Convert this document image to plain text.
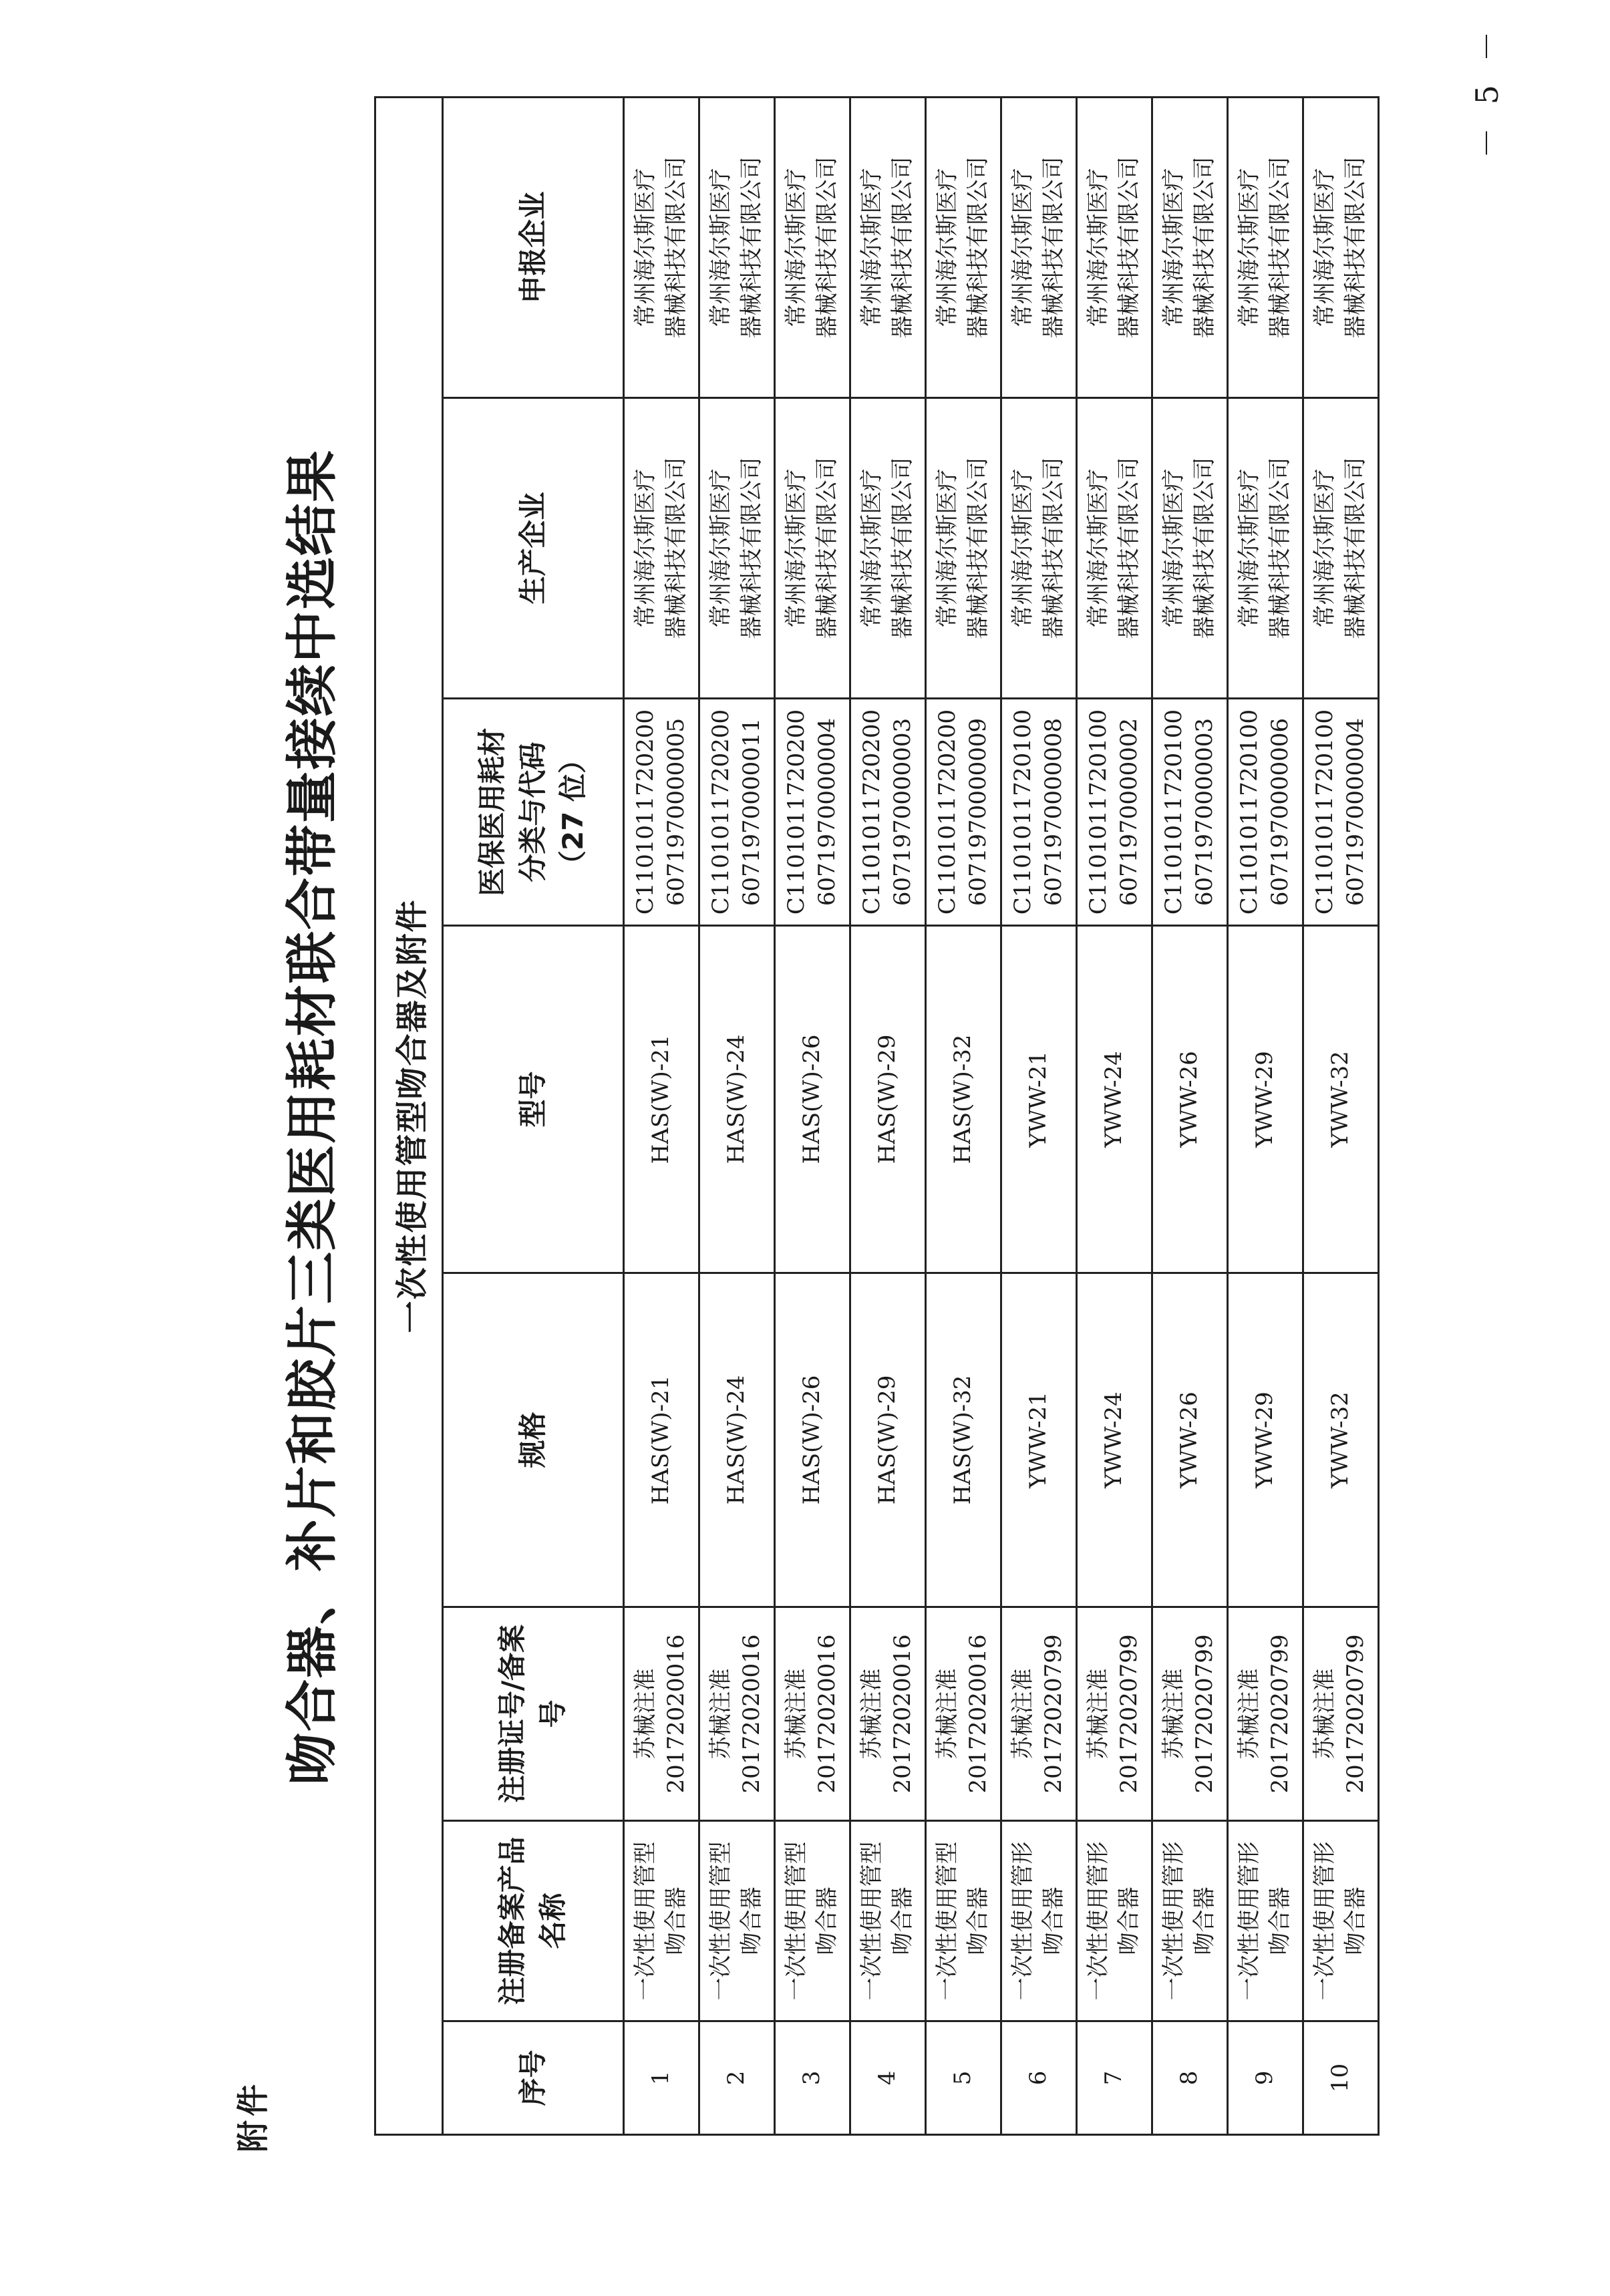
附件
吻合器、补片和胶片三类医用耗材联合带量接续中选结果 一次性使用管型吻合器及附件							
序号	注册备案产品 名称	注册证号/备案号	规格	型号	医保医用耗材 分类与代码 （27 位）	生产企业	申报企业
1	一次性使用管型 吻合器	苏械注准 20172020016	HAS(W)-21	HAS(W)-21	C1101011720200 6071970000005	常州海尔斯医疗 器械科技有限公司	常州海尔斯医疗 器械科技有限公司

2	一次性使用管型 吻合器	苏械注准 20172020016	HAS(W)-24	HAS(W)-24	C1101011720200 6071970000011	常州海尔斯医疗 器械科技有限公司	常州海尔斯医疗 器械科技有限公司

3	一次性使用管型 吻合器	苏械注准 20172020016	HAS(W)-26	HAS(W)-26	C1101011720200 6071970000004	常州海尔斯医疗 器械科技有限公司	常州海尔斯医疗 器械科技有限公司

4	一次性使用管型 吻合器	苏械注准 20172020016	HAS(W)-29	HAS(W)-29	C1101011720200 6071970000003	常州海尔斯医疗 器械科技有限公司	常州海尔斯医疗 器械科技有限公司

5	一次性使用管型 吻合器	苏械注准 20172020016	HAS(W)-32	HAS(W)-32	C1101011720200 6071970000009	常州海尔斯医疗 器械科技有限公司	常州海尔斯医疗 器械科技有限公司

6	一次性使用管形 吻合器	苏械注准 20172020799	YWW-21	YWW-21	C1101011720100 6071970000008	常州海尔斯医疗 器械科技有限公司	常州海尔斯医疗 器械科技有限公司

7	一次性使用管形 吻合器	苏械注准 20172020799	YWW-24	YWW-24	C1101011720100 6071970000002	常州海尔斯医疗 器械科技有限公司	常州海尔斯医疗 器械科技有限公司

8	一次性使用管形 吻合器	苏械注准 20172020799	YWW-26	YWW-26	C1101011720100 6071970000003	常州海尔斯医疗 器械科技有限公司	常州海尔斯医疗 器械科技有限公司

9	一次性使用管形 吻合器	苏械注准 20172020799	YWW-29	YWW-29	C1101011720100 6071970000006	常州海尔斯医疗 器械科技有限公司	常州海尔斯医疗 器械科技有限公司

10	一次性使用管形 吻合器	苏械注准 20172020799	YWW-32	YWW-32	C1101011720100 6071970000004	常州海尔斯医疗 器械科技有限公司	常州海尔斯医疗 器械科技有限公司
－ 5 －
